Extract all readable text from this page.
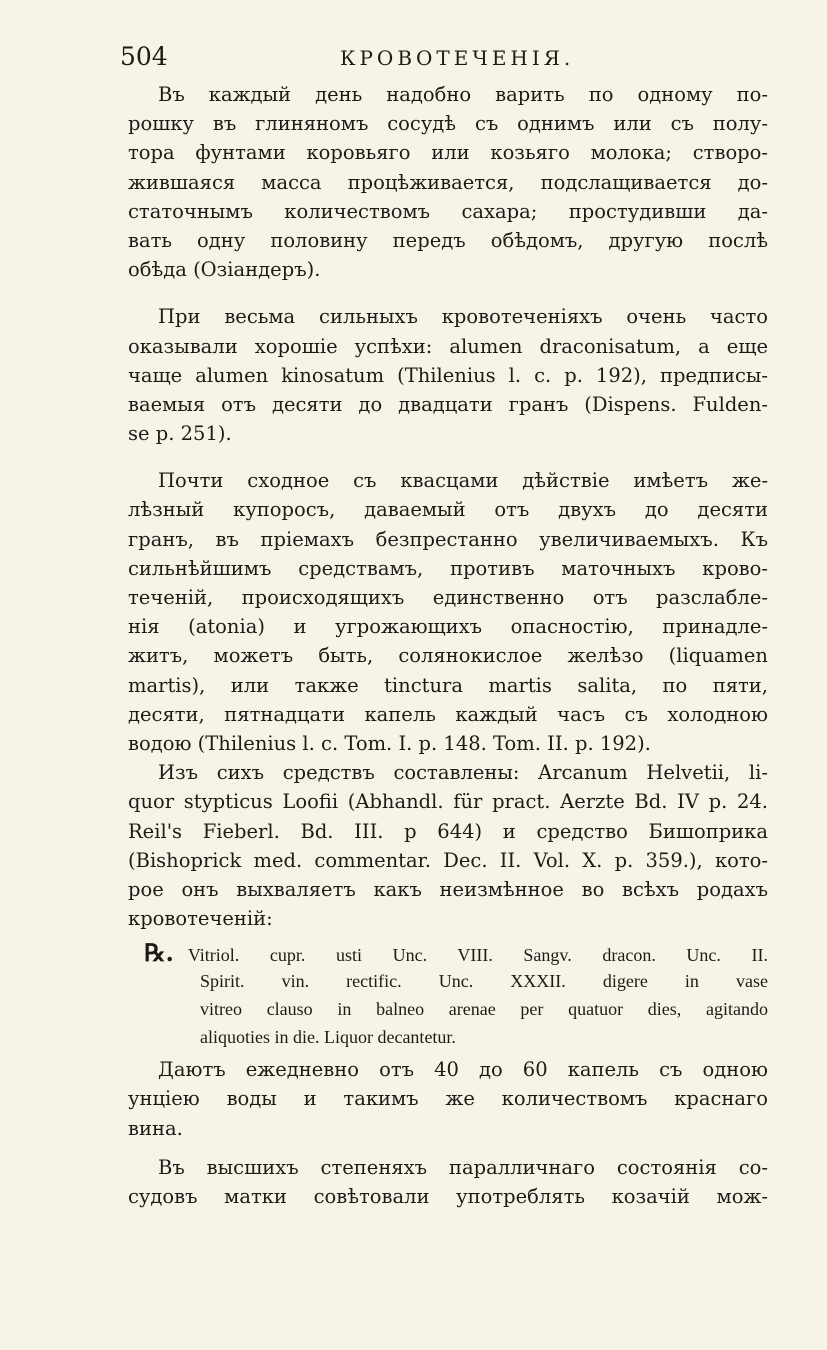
504	КРОВОТЕЧЕНІЯ.
Въ каждый день надобно варить по одному по-
рошку въ глиняномъ сосудѣ съ однимъ или съ полу-
тора фунтами коровьяго или козьяго молока; створо-
жившаяся масса процѣживается, подслащивается до-
статочнымъ количествомъ сахара; простудивши да-
вать одну половину передъ обѣдомъ, другую послѣ
обѣда (Озіандеръ).
При весьма сильныхъ кровотеченіяхъ очень часто
оказывали хорошіе успѣхи: alumen draconisatum, а еще
чаще alumen kinosatum (Thilenius l. c. p. 192), предписы-
ваемыя отъ десяти до двадцати гранъ (Dispens. Fulden-
se p. 251).
Почти сходное съ квасцами дѣйствіе имѣетъ же-
лѣзный купоросъ, даваемый отъ двухъ до десяти
гранъ, въ пріемахъ безпрестанно увеличиваемыхъ. Къ
сильнѣйшимъ средствамъ, противъ маточныхъ крово-
теченій, происходящихъ единственно отъ разслабле-
нія (atonia) и угрожающихъ опасностію, принадле-
житъ, можетъ быть, солянокислое желѣзо (liquamen
martis), или также tinctura martis salita, по пяти,
десяти, пятнадцати капель каждый часъ съ холодною
водою (Thilenius l. c. Tom. I. p. 148. Tom. II. p. 192).
Изъ сихъ средствъ составлены: Arcanum Helvetii, li-
quor stypticus Loofii (Abhandl. für pract. Aerzte Bd. IV p. 24.
Reil's Fieberl. Bd. III. p 644) и средство Бишоприка
(Bishoprick med. commentar. Dec. II. Vol. X. p. 359.), кото-
рое онъ выхваляетъ какъ неизмѣнное во всѣхъ родахъ
кровотеченій:
℞. Vitriol. cupr. usti Unc. VIII. Sangv. dracon. Unc. II.
Spirit. vin. rectific. Unc. XXXII. digere in vase
vitreo clauso in balneo arenae per quatuor dies, agitando
aliquoties in die. Liquor decantetur.
Даютъ ежедневно отъ 40 до 60 капель съ одною
унціею воды и такимъ же количествомъ краснаго
вина.
Въ высшихъ степеняхъ паралличнаго состоянія со-
судовъ матки совѣтовали употреблять козачій мож-
